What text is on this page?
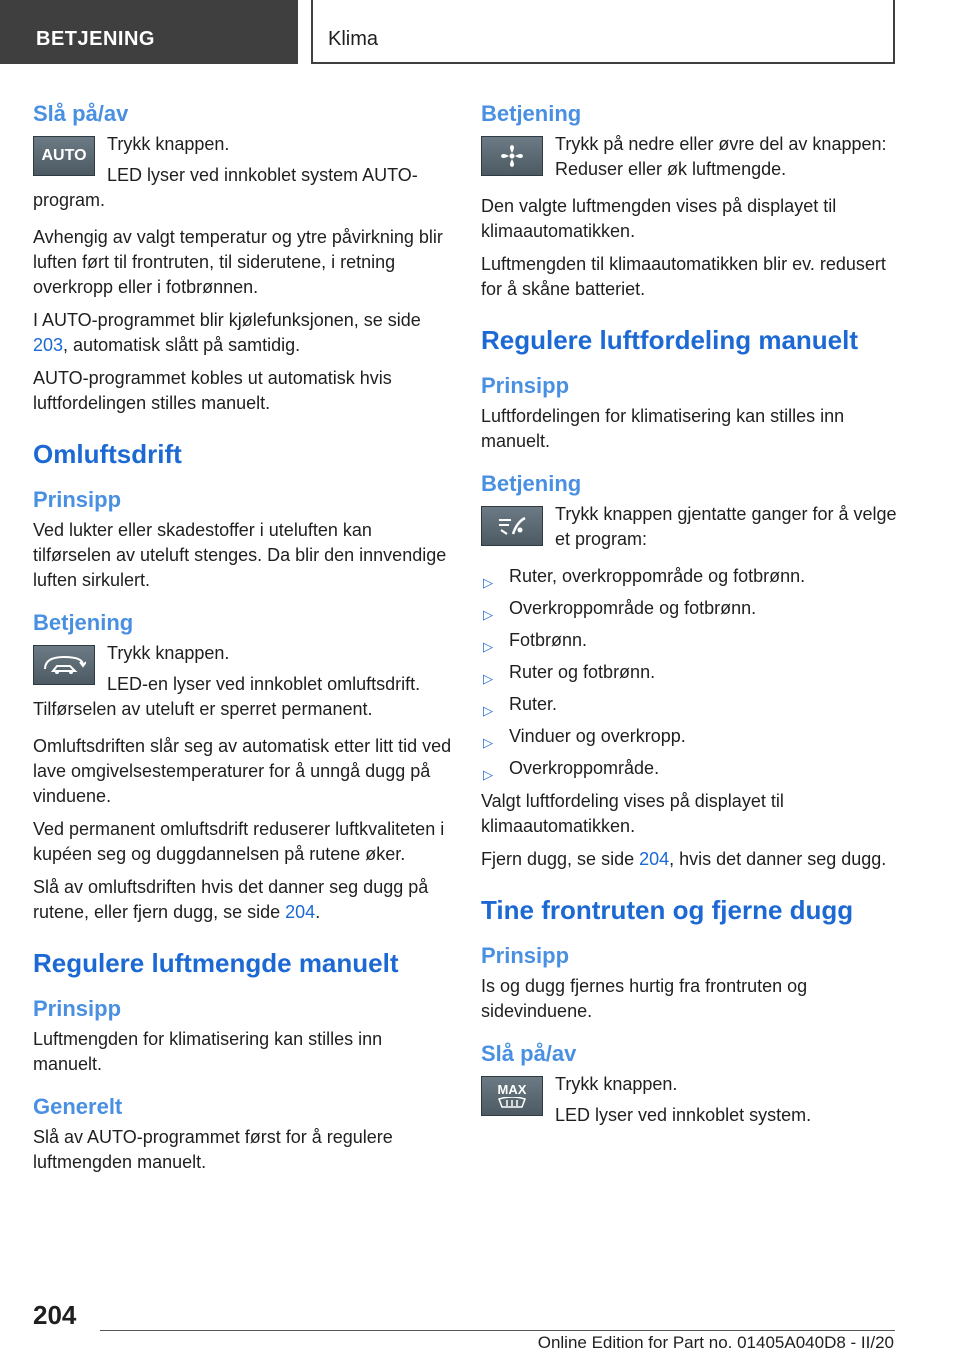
BETJENING	Klima
Slå på/av
AUTO

Trykk knappen.

LED lyser ved innkoblet system AUTO-program.

Avhengig av valgt temperatur og ytre påvirkning blir luften ført til frontruten, til siderutene, i retning overkropp eller i fotbrønnen.

I AUTO-programmet blir kjølefunksjonen, se side 203, automatisk slått på samtidig.

AUTO-programmet kobles ut automatisk hvis luftfordelingen stilles manuelt.

Omluftsdrift
Prinsipp

Ved lukter eller skadestoffer i uteluften kan tilførselen av uteluft stenges. Da blir den innvendige luften sirkulert.

Betjening

Trykk knappen.

LED-en lyser ved innkoblet omluftsdrift. Tilførselen av uteluft er sperret permanent.

Omluftsdriften slår seg av automatisk etter litt tid ved lave omgivelsestemperaturer for å unngå dugg på vinduene.

Ved permanent omluftsdrift reduserer luftkvaliteten i kupéen seg og duggdannelsen på rutene øker.

Slå av omluftsdriften hvis det danner seg dugg på rutene, eller fjern dugg, se side 204.

Regulere luftmengde manuelt
Prinsipp

Luftmengden for klimatisering kan stilles inn manuelt.

Generelt

Slå av AUTO-programmet først for å regulere luftmengden manuelt.

Betjening

Trykk på nedre eller øvre del av knappen: Reduser eller øk luftmengde.

Den valgte luftmengden vises på displayet til klimaautomatikken.

Luftmengden til klimaautomatikken blir ev. redusert for å skåne batteriet.

Regulere luftfordeling manuelt
Prinsipp

Luftfordelingen for klimatisering kan stilles inn manuelt.

Betjening

Trykk knappen gjentatte ganger for å velge et program:

▷ Ruter, overkroppområde og fotbrønn.
▷ Overkroppområde og fotbrønn.
▷ Fotbrønn.
▷ Ruter og fotbrønn.
▷ Ruter.
▷ Vinduer og overkropp.
▷ Overkroppområde.

Valgt luftfordeling vises på displayet til klimaautomatikken.

Fjern dugg, se side 204, hvis det danner seg dugg.

Tine frontruten og fjerne dugg
Prinsipp

Is og dugg fjernes hurtig fra frontruten og sidevinduene.

Slå på/av
MAX	Trykk knappen.

LED lyser ved innkoblet system.

204
Online Edition for Part no. 01405A040D8 - II/20
